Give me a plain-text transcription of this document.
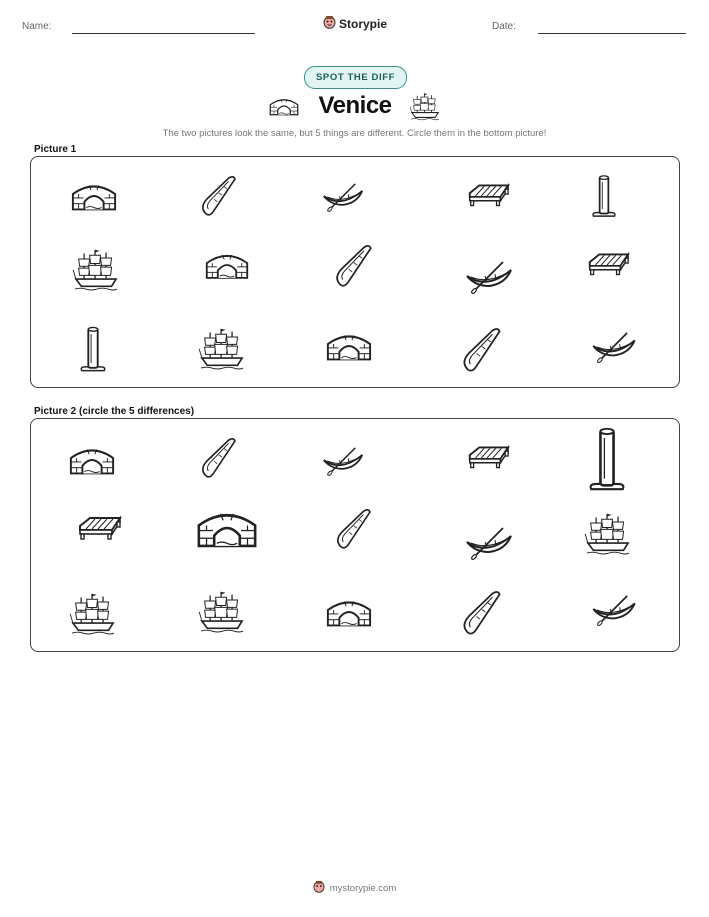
Name:	Storypie	Date:
SPOT THE DIFF
Venice
The two pictures look the same, but 5 things are different. Circle them in the bottom picture!
Picture 1
Picture 2 (circle the 5 differences)
mystorypie.com
